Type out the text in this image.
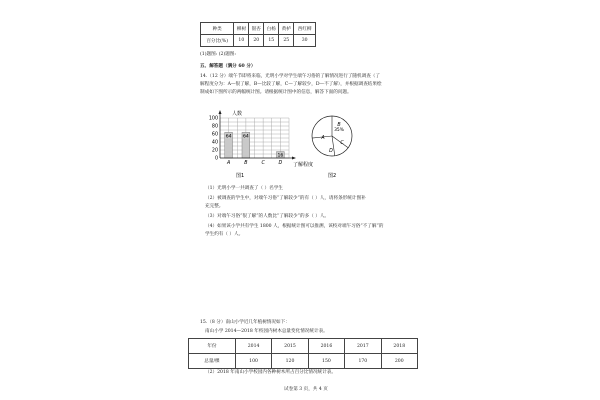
种类	柳树	银杏	白杨	黄栌	西红柳
百分比(%)	10	20	15	25	30
(1)题图: (2)题图:
五、解答题（满分 60 分）
14.（12 分）端午节即将来临，光明小学对学生端午习俗的了解情况进行了随机调查（了
解程度分为：A—很了解，B—比较了解，C—了解较少，D—不了解），并根据调查结果绘
制成如下图所示的两幅统计图。请根据统计图中的信息，解答下面的问题。
0
20
40
60
80
100
A	B	C	D
64 64
16
人数
了解程度
图1
A
B
35%
C
D
图2
（1）光明小学一共调查了（ ）名学生
（2）被调查的学生中，对端午习俗“了解较少”的有（ ）人，请将条形统计图补
充完整。
（3）对端午习俗“很了解”的人数比“了解较少”的多（ ）人。
（4）如果该小学共有学生 1800 人，根据统计图可以推测，该校对端午习俗“不了解”的
学生约有（ ）人。
15.（8 分）南山小学近几年植树情况如下：
南山小学 2014—2018 年校园内树木总量变化情况统计表。
年份	2014	2015	2016	2017	2018
总量/棵	100	120	150	170	200
（2）2018 年南山小学校园内各种树木所占百分比情况统计表。
试卷第 3 页，共 4 页
